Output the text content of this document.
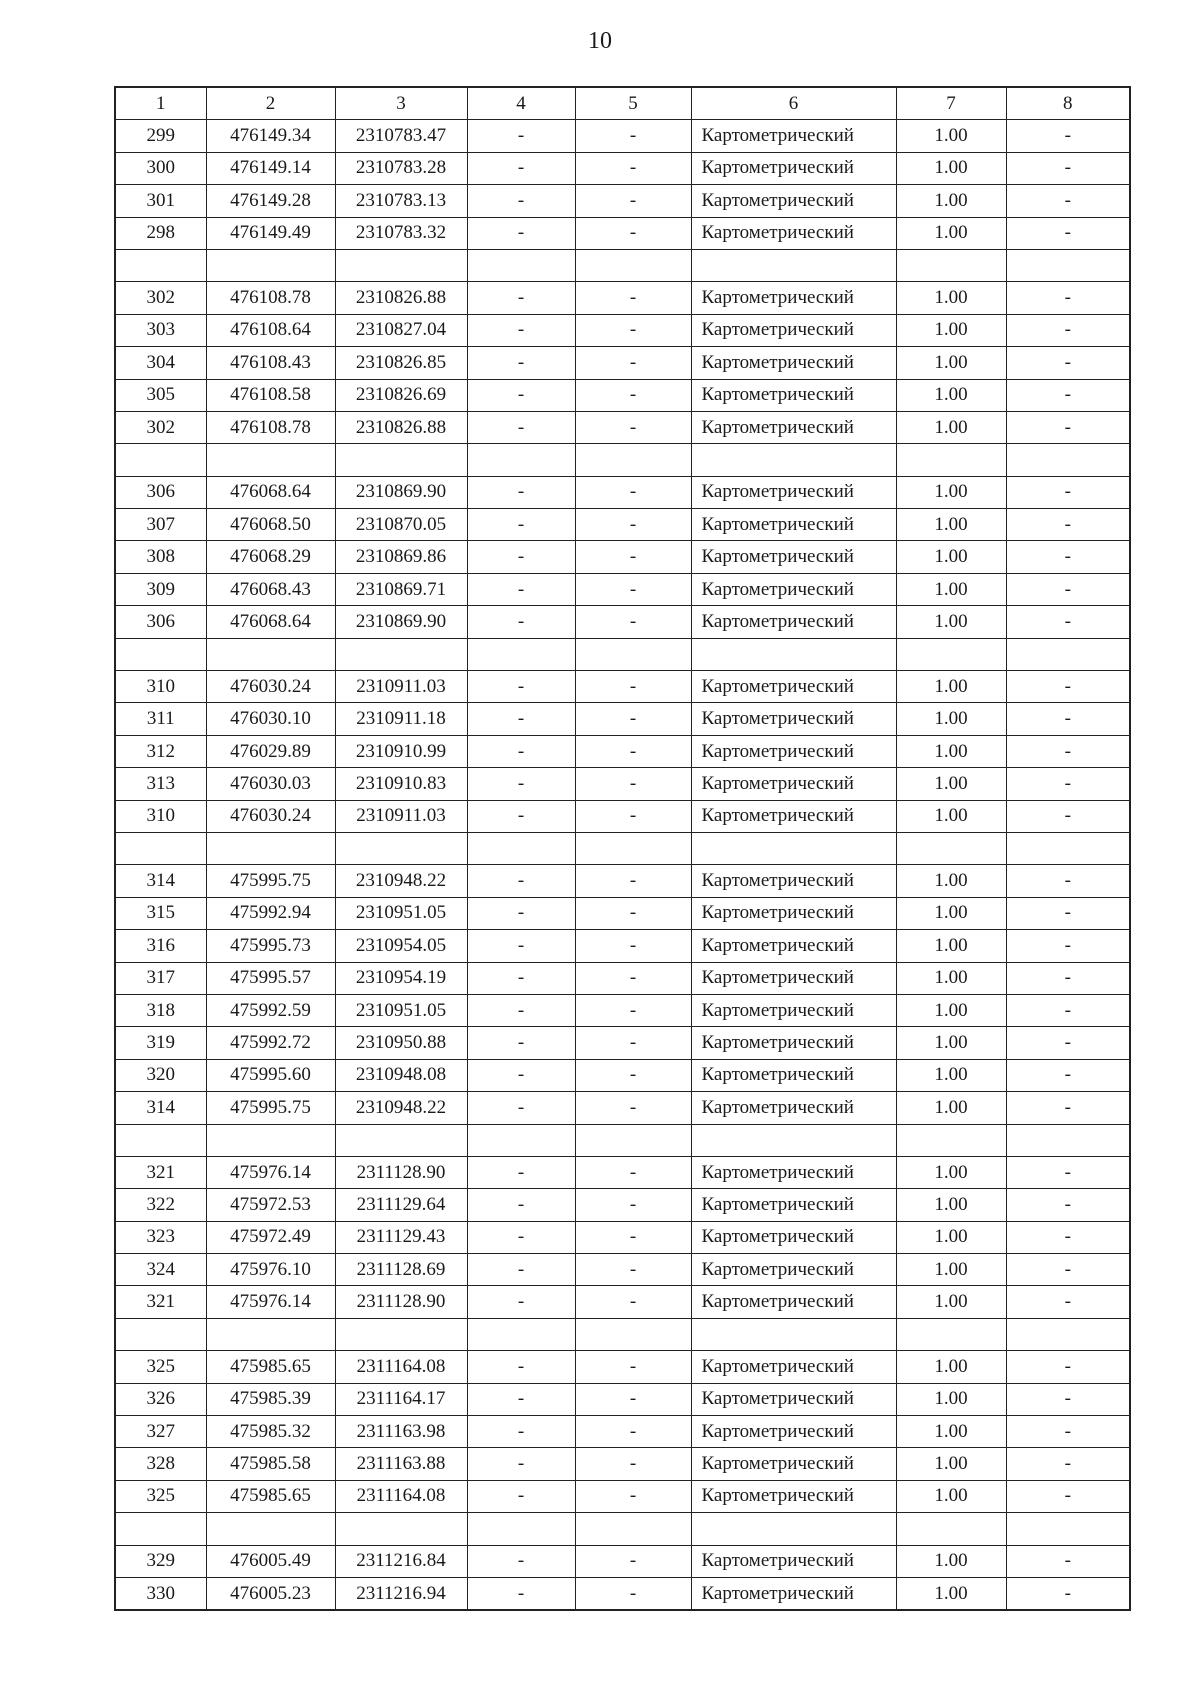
10
1	2	3	4	5	6	7	8
299	476149.34	2310783.47	-	-	Картометрический	1.00	-
300	476149.14	2310783.28	-	-	Картометрический	1.00	-
301	476149.28	2310783.13	-	-	Картометрический	1.00	-
298	476149.49	2310783.32	-	-	Картометрический	1.00	-

302	476108.78	2310826.88	-	-	Картометрический	1.00	-
303	476108.64	2310827.04	-	-	Картометрический	1.00	-
304	476108.43	2310826.85	-	-	Картометрический	1.00	-
305	476108.58	2310826.69	-	-	Картометрический	1.00	-
302	476108.78	2310826.88	-	-	Картометрический	1.00	-

306	476068.64	2310869.90	-	-	Картометрический	1.00	-
307	476068.50	2310870.05	-	-	Картометрический	1.00	-
308	476068.29	2310869.86	-	-	Картометрический	1.00	-
309	476068.43	2310869.71	-	-	Картометрический	1.00	-
306	476068.64	2310869.90	-	-	Картометрический	1.00	-

310	476030.24	2310911.03	-	-	Картометрический	1.00	-
311	476030.10	2310911.18	-	-	Картометрический	1.00	-
312	476029.89	2310910.99	-	-	Картометрический	1.00	-
313	476030.03	2310910.83	-	-	Картометрический	1.00	-
310	476030.24	2310911.03	-	-	Картометрический	1.00	-

314	475995.75	2310948.22	-	-	Картометрический	1.00	-
315	475992.94	2310951.05	-	-	Картометрический	1.00	-
316	475995.73	2310954.05	-	-	Картометрический	1.00	-
317	475995.57	2310954.19	-	-	Картометрический	1.00	-
318	475992.59	2310951.05	-	-	Картометрический	1.00	-
319	475992.72	2310950.88	-	-	Картометрический	1.00	-
320	475995.60	2310948.08	-	-	Картометрический	1.00	-
314	475995.75	2310948.22	-	-	Картометрический	1.00	-

321	475976.14	2311128.90	-	-	Картометрический	1.00	-
322	475972.53	2311129.64	-	-	Картометрический	1.00	-
323	475972.49	2311129.43	-	-	Картометрический	1.00	-
324	475976.10	2311128.69	-	-	Картометрический	1.00	-
321	475976.14	2311128.90	-	-	Картометрический	1.00	-

325	475985.65	2311164.08	-	-	Картометрический	1.00	-
326	475985.39	2311164.17	-	-	Картометрический	1.00	-
327	475985.32	2311163.98	-	-	Картометрический	1.00	-
328	475985.58	2311163.88	-	-	Картометрический	1.00	-
325	475985.65	2311164.08	-	-	Картометрический	1.00	-

329	476005.49	2311216.84	-	-	Картометрический	1.00	-
330	476005.23	2311216.94	-	-	Картометрический	1.00	-
